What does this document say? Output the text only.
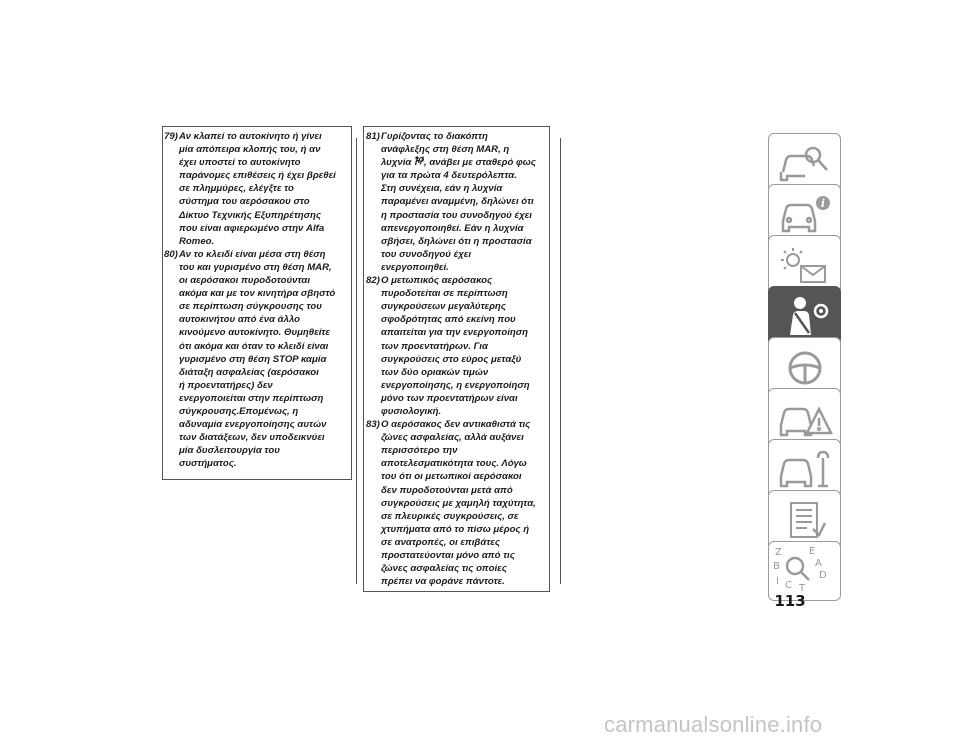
79) Αν κλαπεί το αυτοκίνητο ή γίνει
μία απόπειρα κλοπής του, ή αν
έχει υποστεί το αυτοκίνητο
παράνομες επιθέσεις ή έχει βρεθεί
σε πλημμύρες, ελέγξτε το
σύστημα του αερόσακου στο
Δίκτυο Τεχνικής Εξυπηρέτησης
που είναι αφιερωμένο στην Alfa
Romeo.

80) Αν το κλειδί είναι μέσα στη θέση
του και γυρισμένο στη θέση MAR,
οι αερόσακοι πυροδοτούνται
ακόμα και με τον κινητήρα σβηστό
σε περίπτωση σύγκρουσης του
αυτοκινήτου από ένα άλλο
κινούμενο αυτοκίνητο. Θυμηθείτε
ότι ακόμα και όταν το κλειδί είναι
γυρισμένο στη θέση STOP καμία
διάταξη ασφαλείας (αερόσακοι
ή προεντατήρες) δεν
ενεργοποιείται στην περίπτωση
σύγκρουσης.Επομένως, η
αδυναμία ενεργοποίησης αυτών
των διατάξεων, δεν υποδεικνύει
μία δυσλειτουργία του
συστήματος.

81) Γυρίζοντας το διακόπτη
ανάφλεξης στη θέση MAR, η
λυχνία , ανάβει με σταθερό φως
για τα πρώτα 4 δευτερόλεπτα.
Στη συνέχεια, εάν η λυχνία
παραμένει αναμμένη, δηλώνει ότι
η προστασία του συνοδηγού έχει
απενεργοποιηθεί. Εάν η λυχνία
σβήσει, δηλώνει ότι η προστασία
του συνοδηγού έχει
ενεργοποιηθεί.

82) Ο μετωπικός αερόσακος
πυροδοτείται σε περίπτωση
συγκρούσεων μεγαλύτερης
σφοδρότητας από εκείνη που
απαιτείται για την ενεργοποίηση
των προεντατήρων. Για
συγκρούσεις στο εύρος μεταξύ
των δύο οριακών τιμών
ενεργοποίησης, η ενεργοποίηση
μόνο των προεντατήρων είναι
φυσιολογική.

83) Ο αερόσακος δεν αντικαθιστά τις
ζώνες ασφαλείας, αλλά αυξάνει
περισσότερο την
αποτελεσματικότητα τους. Λόγω
του ότι οι μετωπικοί αερόσακοι
δεν πυροδοτούνται μετά από
συγκρούσεις με χαμηλή ταχύτητα,
σε πλευρικές συγκρούσεις, σε
χτυπήματα από το πίσω μέρος ή
σε ανατροπές, οι επιβάτες
προστατεύονται μόνο από τις
ζώνες ασφαλείας τις οποίες
πρέπει να φοράνε πάντοτε.

i
Z	E
A
B
D
I C T
113
carmanualsonline.info
